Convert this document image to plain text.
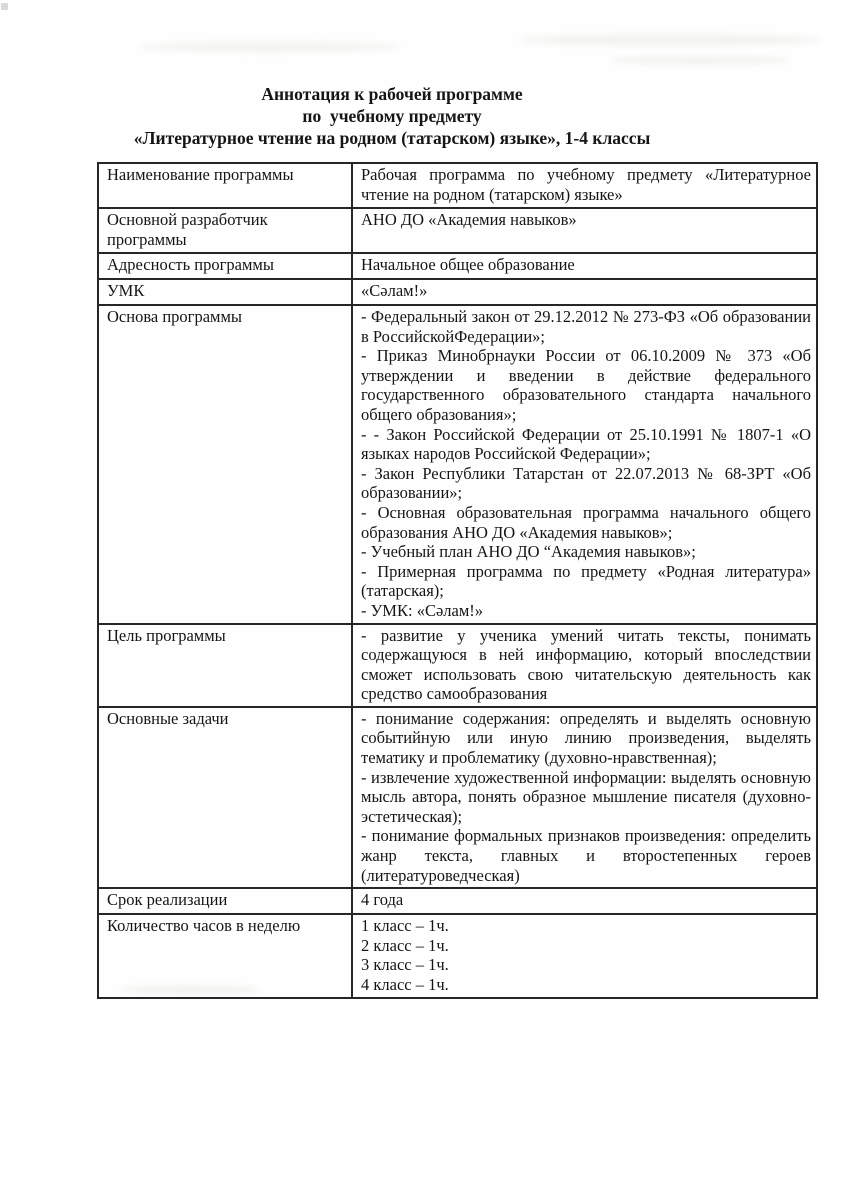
Аннотация к рабочей программе
по  учебному предмету
«Литературное чтение на родном (татарском) языке», 1-4 классы
Наименование программы	Рабочая программа по учебному предмету «Литературное чтение на родном (татарском) языке»

Основной разработчик программы	АНО ДО «Академия навыков»

Адресность программы	Начальное общее образование

УМК	«Сәлам!»

Основа программы	- Федеральный закон от 29.12.2012 № 273-ФЗ «Об образовании в РоссийскойФедерации»;
- Приказ Минобрнауки России от 06.10.2009 № 373 «Об утверждении и введении в действие федерального государственного образовательного стандарта начального общего образования»;
- - Закон Российской Федерации от 25.10.1991 № 1807-1 «О языках народов Российской Федерации»;
- Закон Республики Татарстан от 22.07.2013 № 68-ЗРТ «Об образовании»;
- Основная образовательная программа начального общего образования АНО ДО «Академия навыков»;
- Учебный план АНО ДО “Академия навыков»;
- Примерная программа по предмету «Родная литература» (татарская);
- УМК: «Сәлам!»

Цель программы	- развитие у ученика умений читать тексты, понимать содержащуюся в ней информацию, который впоследствии сможет использовать свою читательскую деятельность как средство самообразования

Основные задачи	- понимание содержания: определять и выделять основную событийную или иную линию произведения, выделять тематику и проблематику (духовно-нравственная);
- извлечение художественной информации: выделять основную мысль автора, понять образное мышление писателя (духовно-эстетическая);
- понимание формальных признаков произведения: определить жанр текста, главных и второстепенных героев (литературоведческая)

Срок реализации	4 года

Количество часов в неделю	1 класс – 1ч.
2 класс – 1ч.
3 класс – 1ч.
4 класс – 1ч.
